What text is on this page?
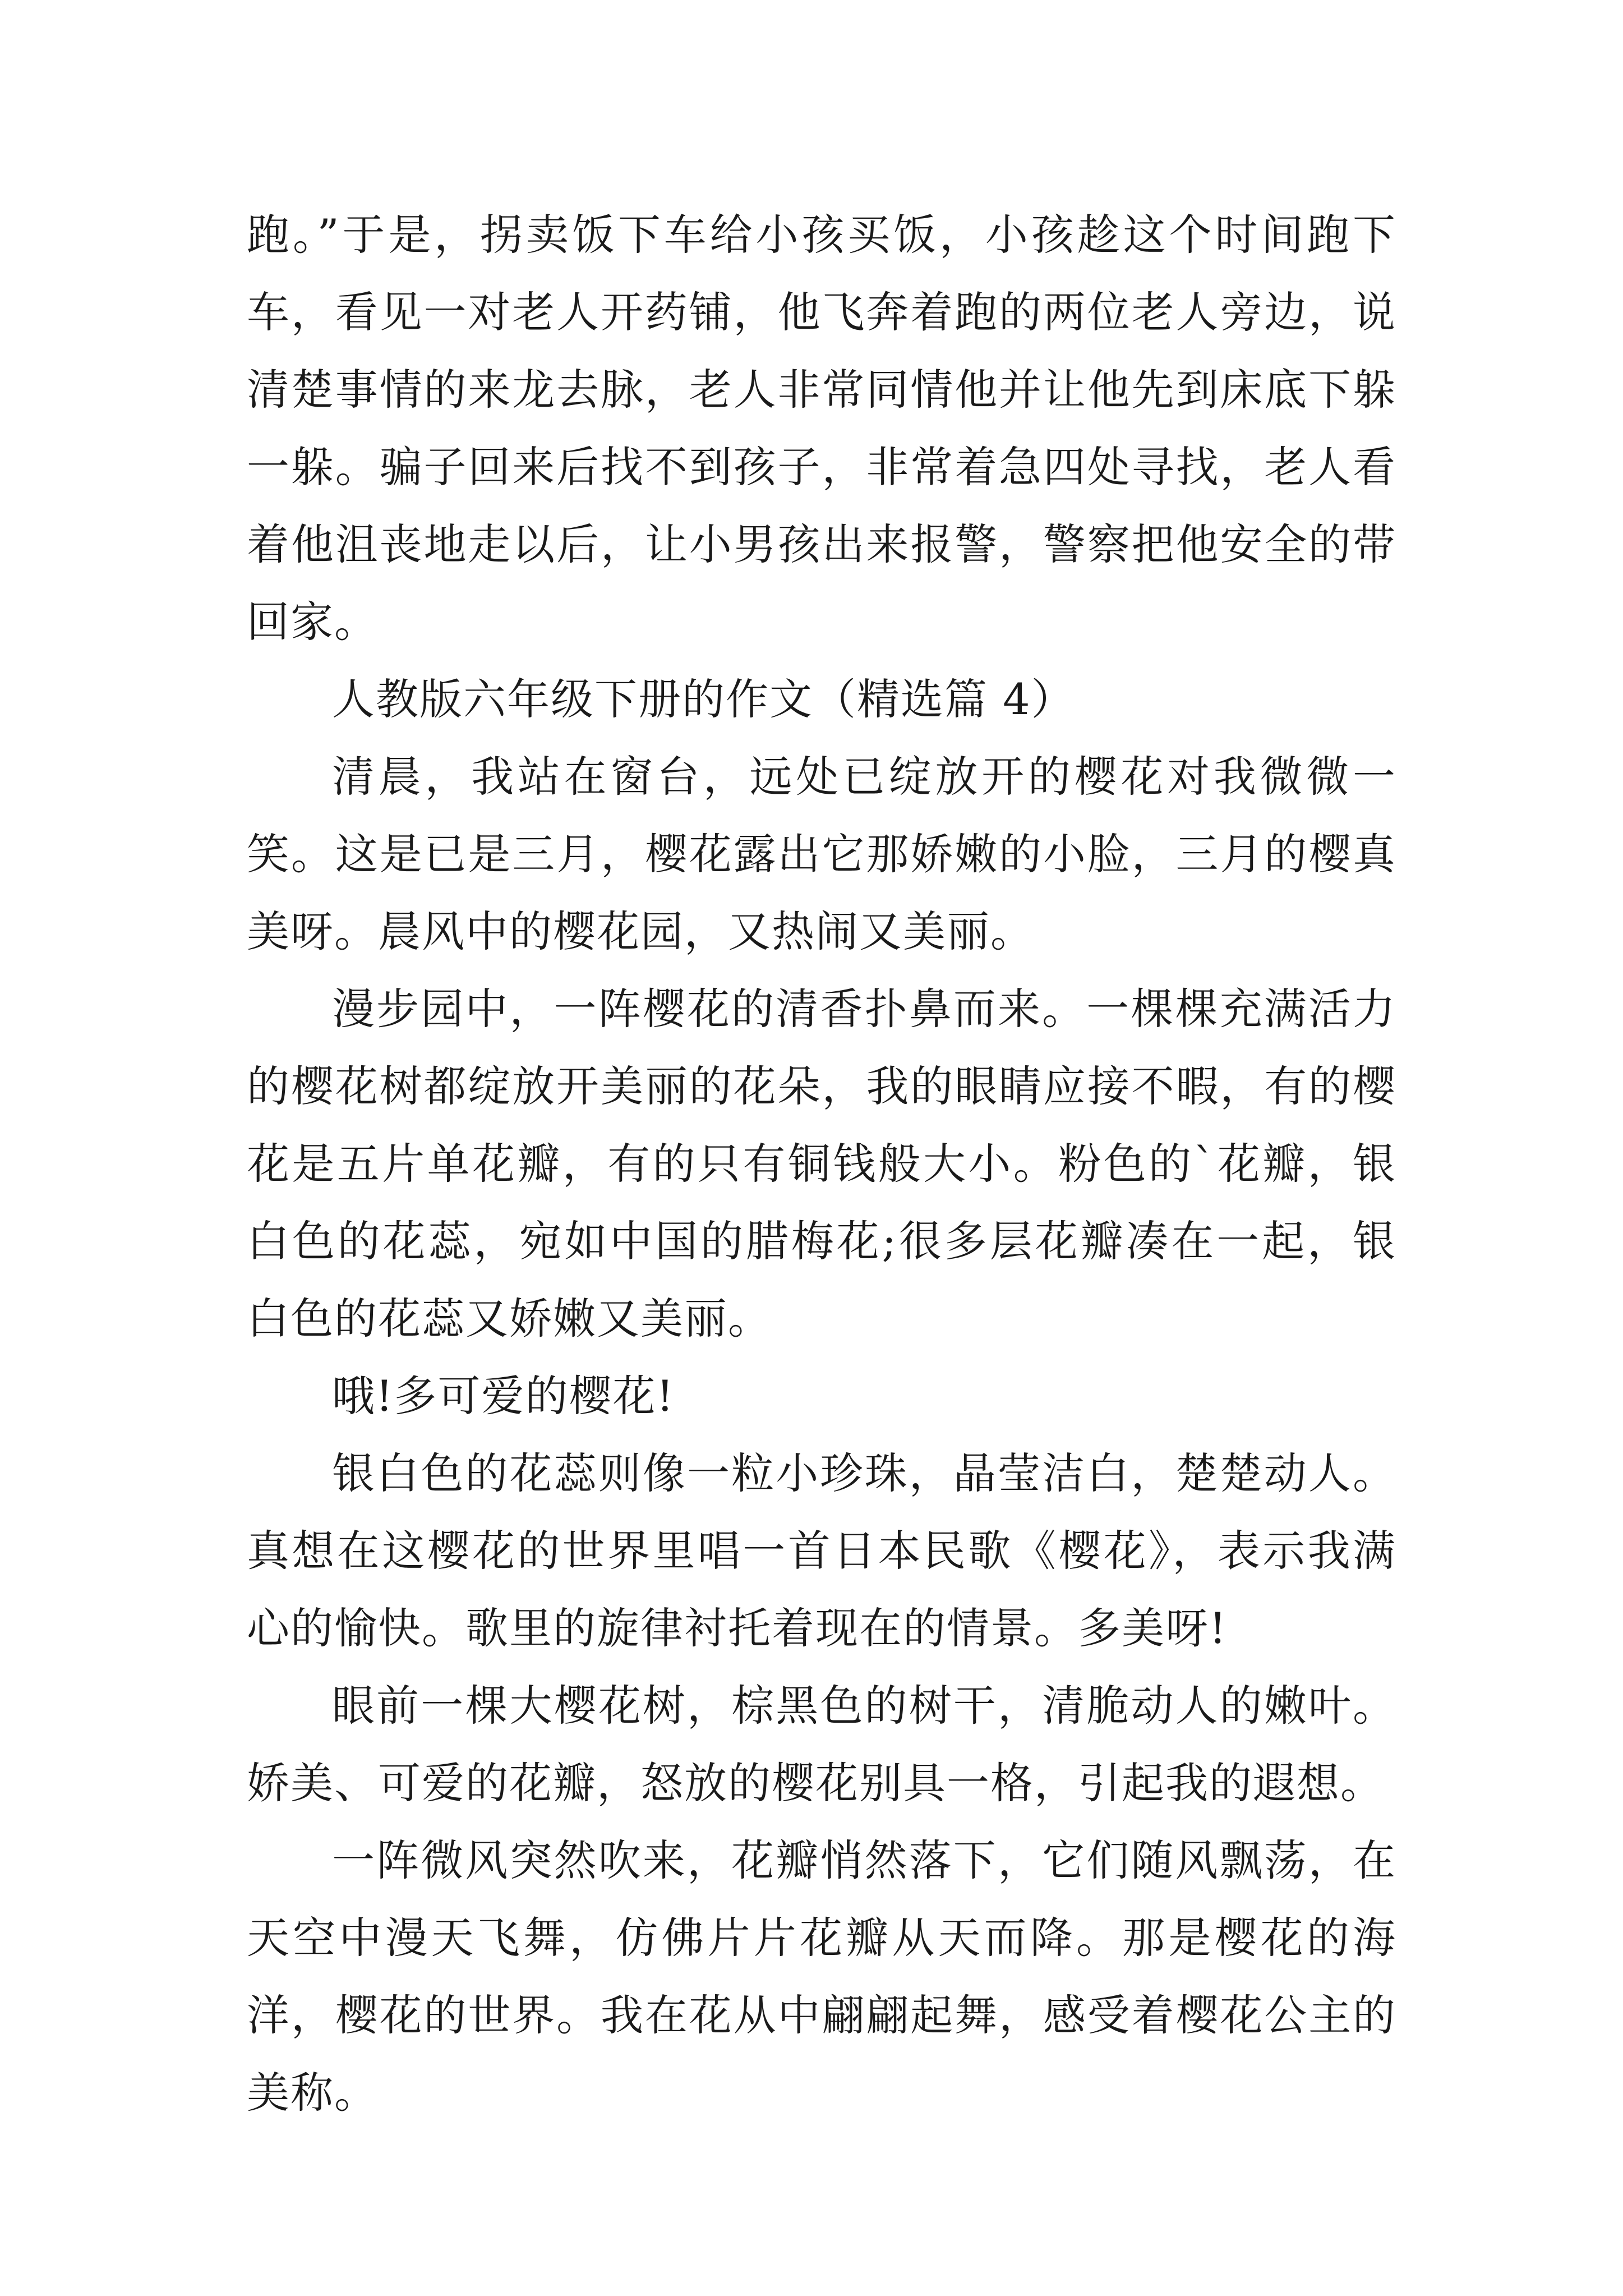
跑。”于是，拐卖饭下车给小孩买饭，小孩趁这个时间跑下车，看见一对老人开药铺，他飞奔着跑的两位老人旁边，说清楚事情的来龙去脉，老人非常同情他并让他先到床底下躲一躲。骗子回来后找不到孩子，非常着急四处寻找，老人看着他沮丧地走以后，让小男孩出来报警，警察把他安全的带回家。

人教版六年级下册的作文（精选篇 4）

清晨，我站在窗台，远处已绽放开的樱花对我微微一笑。这是已是三月，樱花露出它那娇嫩的小脸，三月的樱真美呀。晨风中的樱花园，又热闹又美丽。

漫步园中，一阵樱花的清香扑鼻而来。一棵棵充满活力的樱花树都绽放开美丽的花朵，我的眼睛应接不暇，有的樱花是五片单花瓣，有的只有铜钱般大小。粉色的`花瓣，银白色的花蕊，宛如中国的腊梅花;很多层花瓣凑在一起，银白色的花蕊又娇嫩又美丽。

哦!多可爱的樱花!

银白色的花蕊则像一粒小珍珠，晶莹洁白，楚楚动人。真想在这樱花的世界里唱一首日本民歌《樱花》，表示我满心的愉快。歌里的旋律衬托着现在的情景。多美呀!

眼前一棵大樱花树，棕黑色的树干，清脆动人的嫩叶。娇美、可爱的花瓣，怒放的樱花别具一格，引起我的遐想。

一阵微风突然吹来，花瓣悄然落下，它们随风飘荡，在天空中漫天飞舞，仿佛片片花瓣从天而降。那是樱花的海洋，樱花的世界。我在花从中翩翩起舞，感受着樱花公主的美称。
